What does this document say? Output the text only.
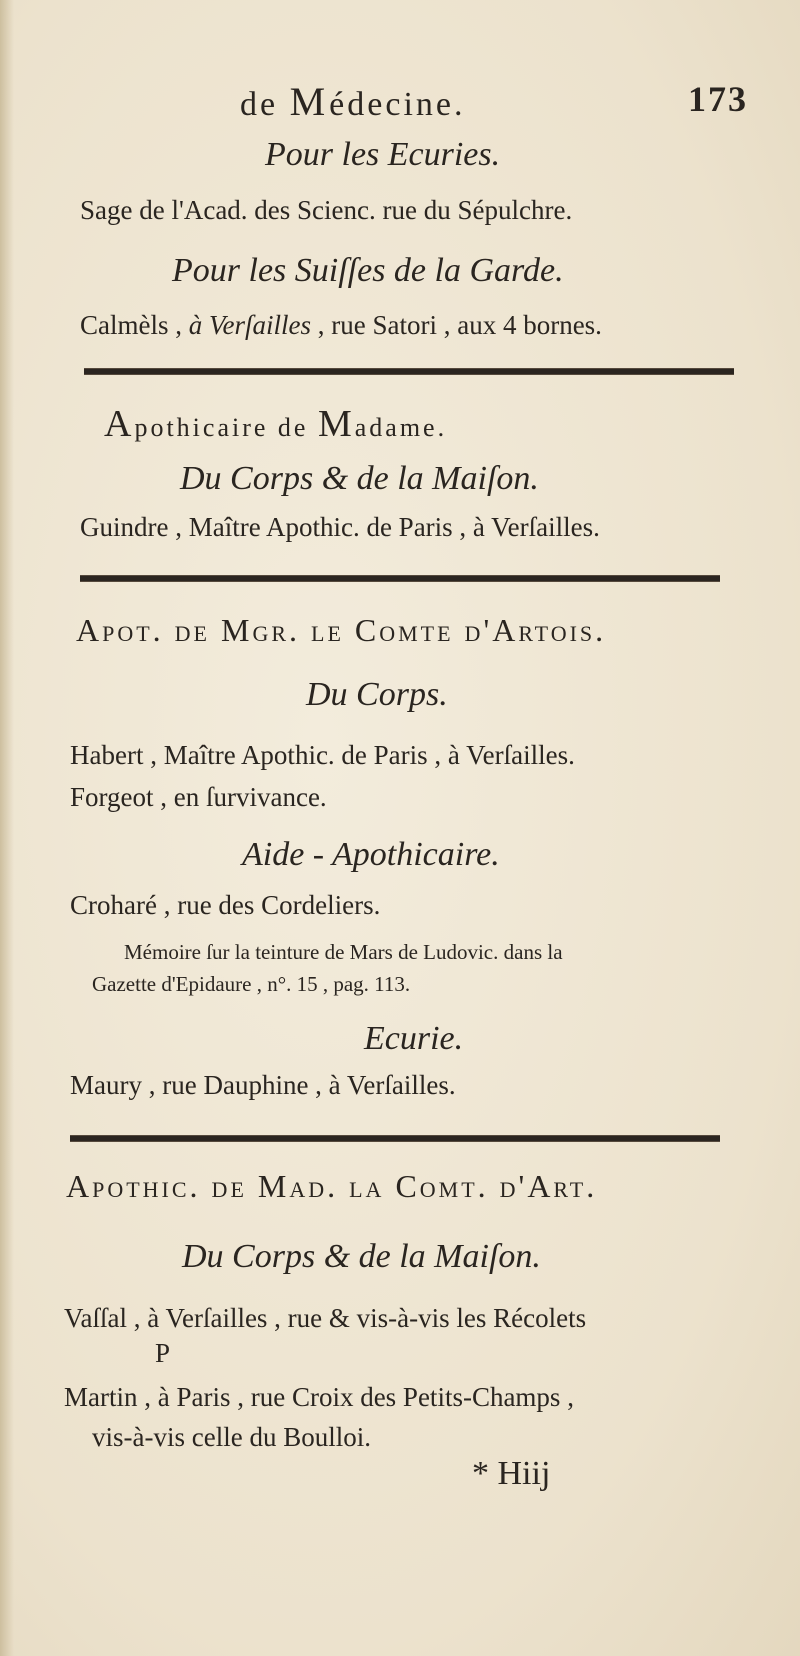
de Médecine.	173
Pour les Ecuries.
Sage de l'Acad. des Scienc. rue du Sépulchre.
Pour les Suiſſes de la Garde.
Calmèls , à Verſailles , rue Satori , aux 4 bornes.
Apothicaire de Madame.
Du Corps & de la Maiſon.
Guindre , Maître Apothic. de Paris , à Verſailles.
Apot. de Mgr. le Comte d'Artois.
Du Corps.
Habert , Maître Apothic. de Paris , à Verſailles.
Forgeot , en ſurvivance.
Aide - Apothicaire.
Croharé , rue des Cordeliers.
Mémoire ſur la teinture de Mars de Ludovic. dans la
Gazette d'Epidaure , n°. 15 , pag. 113.
Ecurie.
Maury , rue Dauphine , à Verſailles.
Apothic. de Mad. la Comt. d'Art.
Du Corps & de la Maiſon.
Vaſſal , à Verſailles , rue & vis-à-vis les Récolets
P
Martin , à Paris , rue Croix des Petits-Champs ,
vis-à-vis celle du Boulloi.
* Hiij
